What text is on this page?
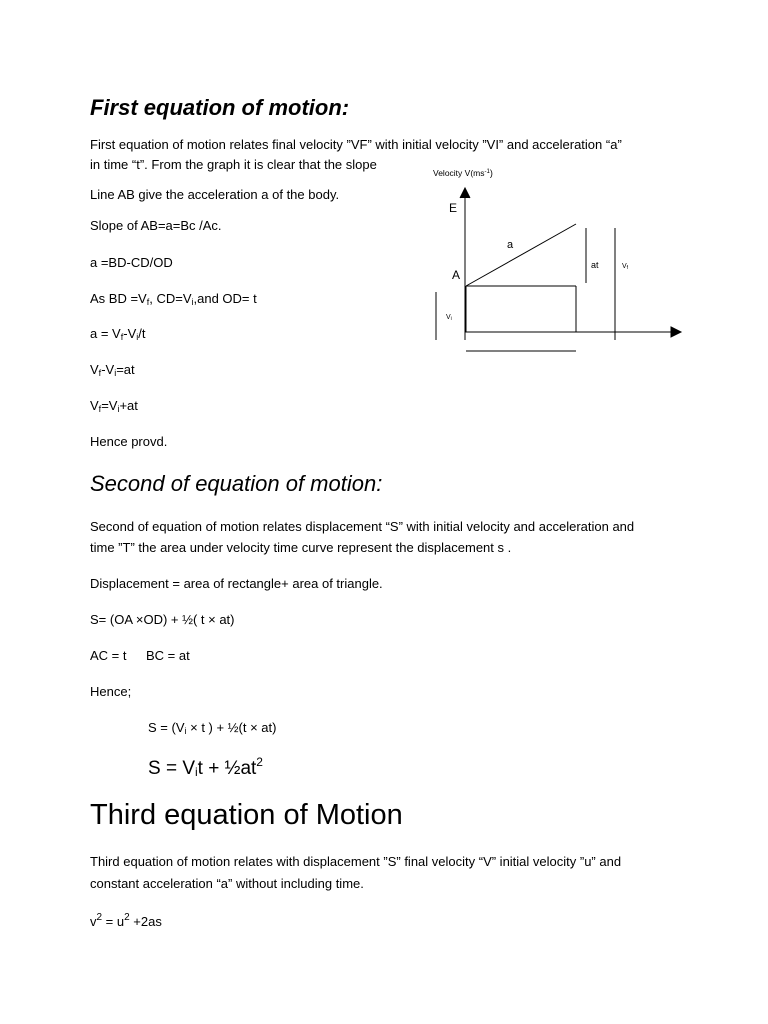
First equation of motion:
First equation of motion relates final velocity ”VF” with initial velocity ”VI” and acceleration “a”
in time “t”. From the graph it is clear that the slope
Line AB give the acceleration a of the body.
Slope of AB=a=Bc /Ac.
a =BD-CD/OD
As BD $=V_f$, $CD=V_i,and$ OD= t
$a = V_f-V_i/t$
$V_f-V_i=at$
$V_f=V_i+at$
Hence provd.
Velocity $V(ms^{-1})$
E
a
A
at	Vf
Vi
Second of equation of motion:
Second of equation of motion relates displacement “S” with initial velocity and acceleration and
time ”T” the area under velocity time curve represent the displacement s .
Displacement = area of rectangle+ area of triangle.
S= (OA ×OD) + ½( t × at)
AC = t BC = at
Hence;
$S = (V_i \times t$ ) + ½(t × at)
$S = V_it$ + $\frac{1}{2}at^2$
Third equation of Motion
Third equation of motion relates with displacement ”S” final velocity “V” initial velocity ”u” and
constant acceleration “a” without including time.
$v^2 = u^2 +2as$
